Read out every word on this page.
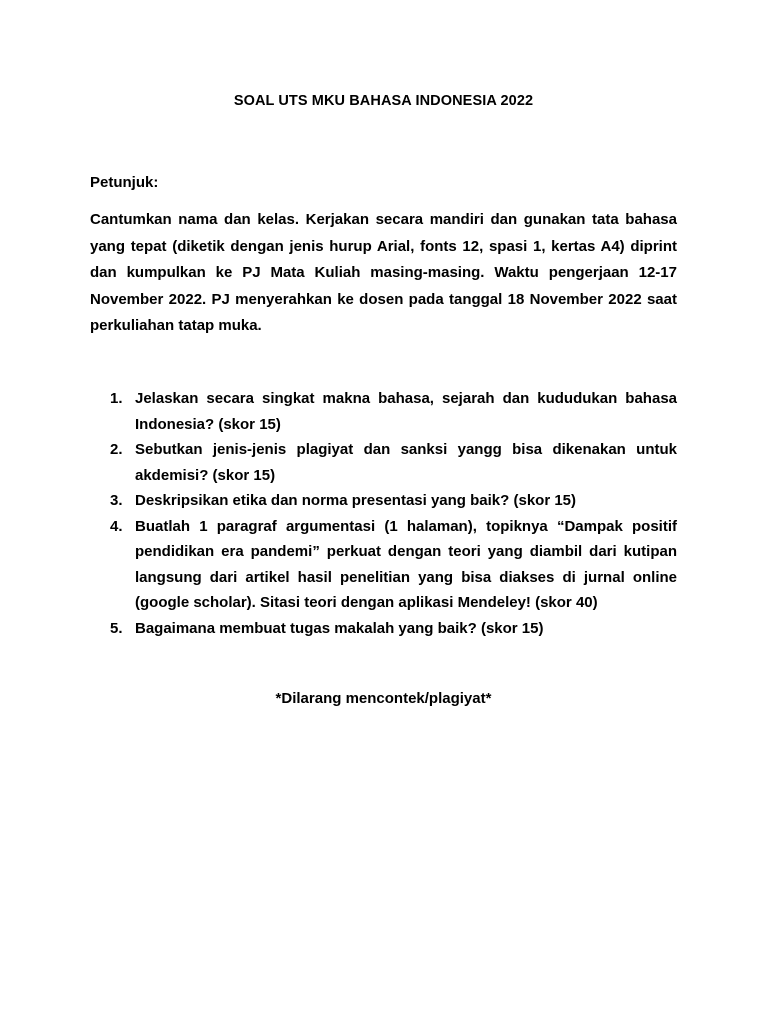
SOAL UTS MKU BAHASA INDONESIA 2022
Petunjuk:
Cantumkan nama dan kelas. Kerjakan secara mandiri dan gunakan tata bahasa yang tepat (diketik dengan jenis hurup Arial, fonts 12, spasi 1, kertas A4) diprint dan kumpulkan ke PJ Mata Kuliah masing-masing. Waktu pengerjaan 12-17 November 2022. PJ menyerahkan ke dosen pada tanggal 18 November 2022 saat perkuliahan tatap muka.
1. Jelaskan secara singkat makna bahasa, sejarah dan kududukan bahasa Indonesia? (skor 15)
2. Sebutkan jenis-jenis plagiyat dan sanksi yangg bisa dikenakan untuk akdemisi? (skor 15)
3. Deskripsikan etika dan norma presentasi yang baik? (skor 15)
4. Buatlah 1 paragraf argumentasi (1 halaman), topiknya “Dampak positif pendidikan era pandemi” perkuat dengan teori yang diambil dari kutipan langsung dari artikel hasil penelitian yang bisa diakses di jurnal online (google scholar). Sitasi teori dengan aplikasi Mendeley! (skor 40)
5. Bagaimana membuat tugas makalah yang baik? (skor 15)
*Dilarang mencontek/plagiyat*
